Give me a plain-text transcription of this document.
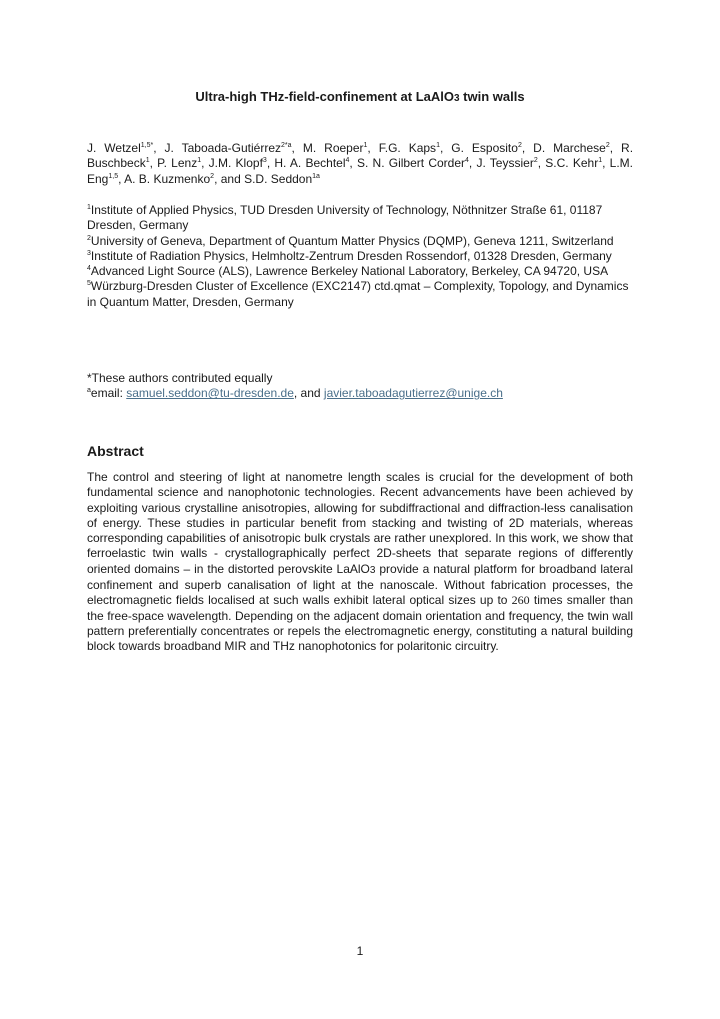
Ultra-high THz-field-confinement at LaAlO3 twin walls
J. Wetzel$^{1,5*}$, J. Taboada-Gutiérrez$^{2*a}$, M. Roeper$^1$, F.G. Kaps$^1$, G. Esposito$^2$, D. Marchese$^2$, R. Buschbeck$^1$, P. Lenz$^1$, J.M. Klopf$^3$, H. A. Bechtel$^4$, S. N. Gilbert Corder$^4$, J. Teyssier$^2$, S.C. Kehr$^1$, L.M. Eng$^{1,5}$, A. B. Kuzmenko$^2$, and S.D. Seddon$^{1a}$
$^1$Institute of Applied Physics, TUD Dresden University of Technology, Nöthnitzer Straße 61, 01187 Dresden, Germany
$^2$University of Geneva, Department of Quantum Matter Physics (DQMP), Geneva 1211, Switzerland
$^3$Institute of Radiation Physics, Helmholtz-Zentrum Dresden Rossendorf, 01328 Dresden, Germany
$^4$Advanced Light Source (ALS), Lawrence Berkeley National Laboratory, Berkeley, CA 94720, USA
$^5$Würzburg-Dresden Cluster of Excellence (EXC2147) ctd.qmat – Complexity, Topology, and Dynamics in Quantum Matter, Dresden, Germany
*These authors contributed equally
$^a$email: samuel.seddon@tu-dresden.de, and javier.taboadagutierrez@unige.ch
Abstract
The control and steering of light at nanometre length scales is crucial for the development of both fundamental science and nanophotonic technologies. Recent advancements have been achieved by exploiting various crystalline anisotropies, allowing for subdiffractional and diffraction-less canalisation of energy. These studies in particular benefit from stacking and twisting of 2D materials, whereas corresponding capabilities of anisotropic bulk crystals are rather unexplored. In this work, we show that ferroelastic twin walls - crystallographically perfect 2D-sheets that separate regions of differently oriented domains – in the distorted perovskite LaAlO3 provide a natural platform for broadband lateral confinement and superb canalisation of light at the nanoscale. Without fabrication processes, the electromagnetic fields localised at such walls exhibit lateral optical sizes up to 260 times smaller than the free-space wavelength. Depending on the adjacent domain orientation and frequency, the twin wall pattern preferentially concentrates or repels the electromagnetic energy, constituting a natural building block towards broadband MIR and THz nanophotonics for polaritonic circuitry.
1
